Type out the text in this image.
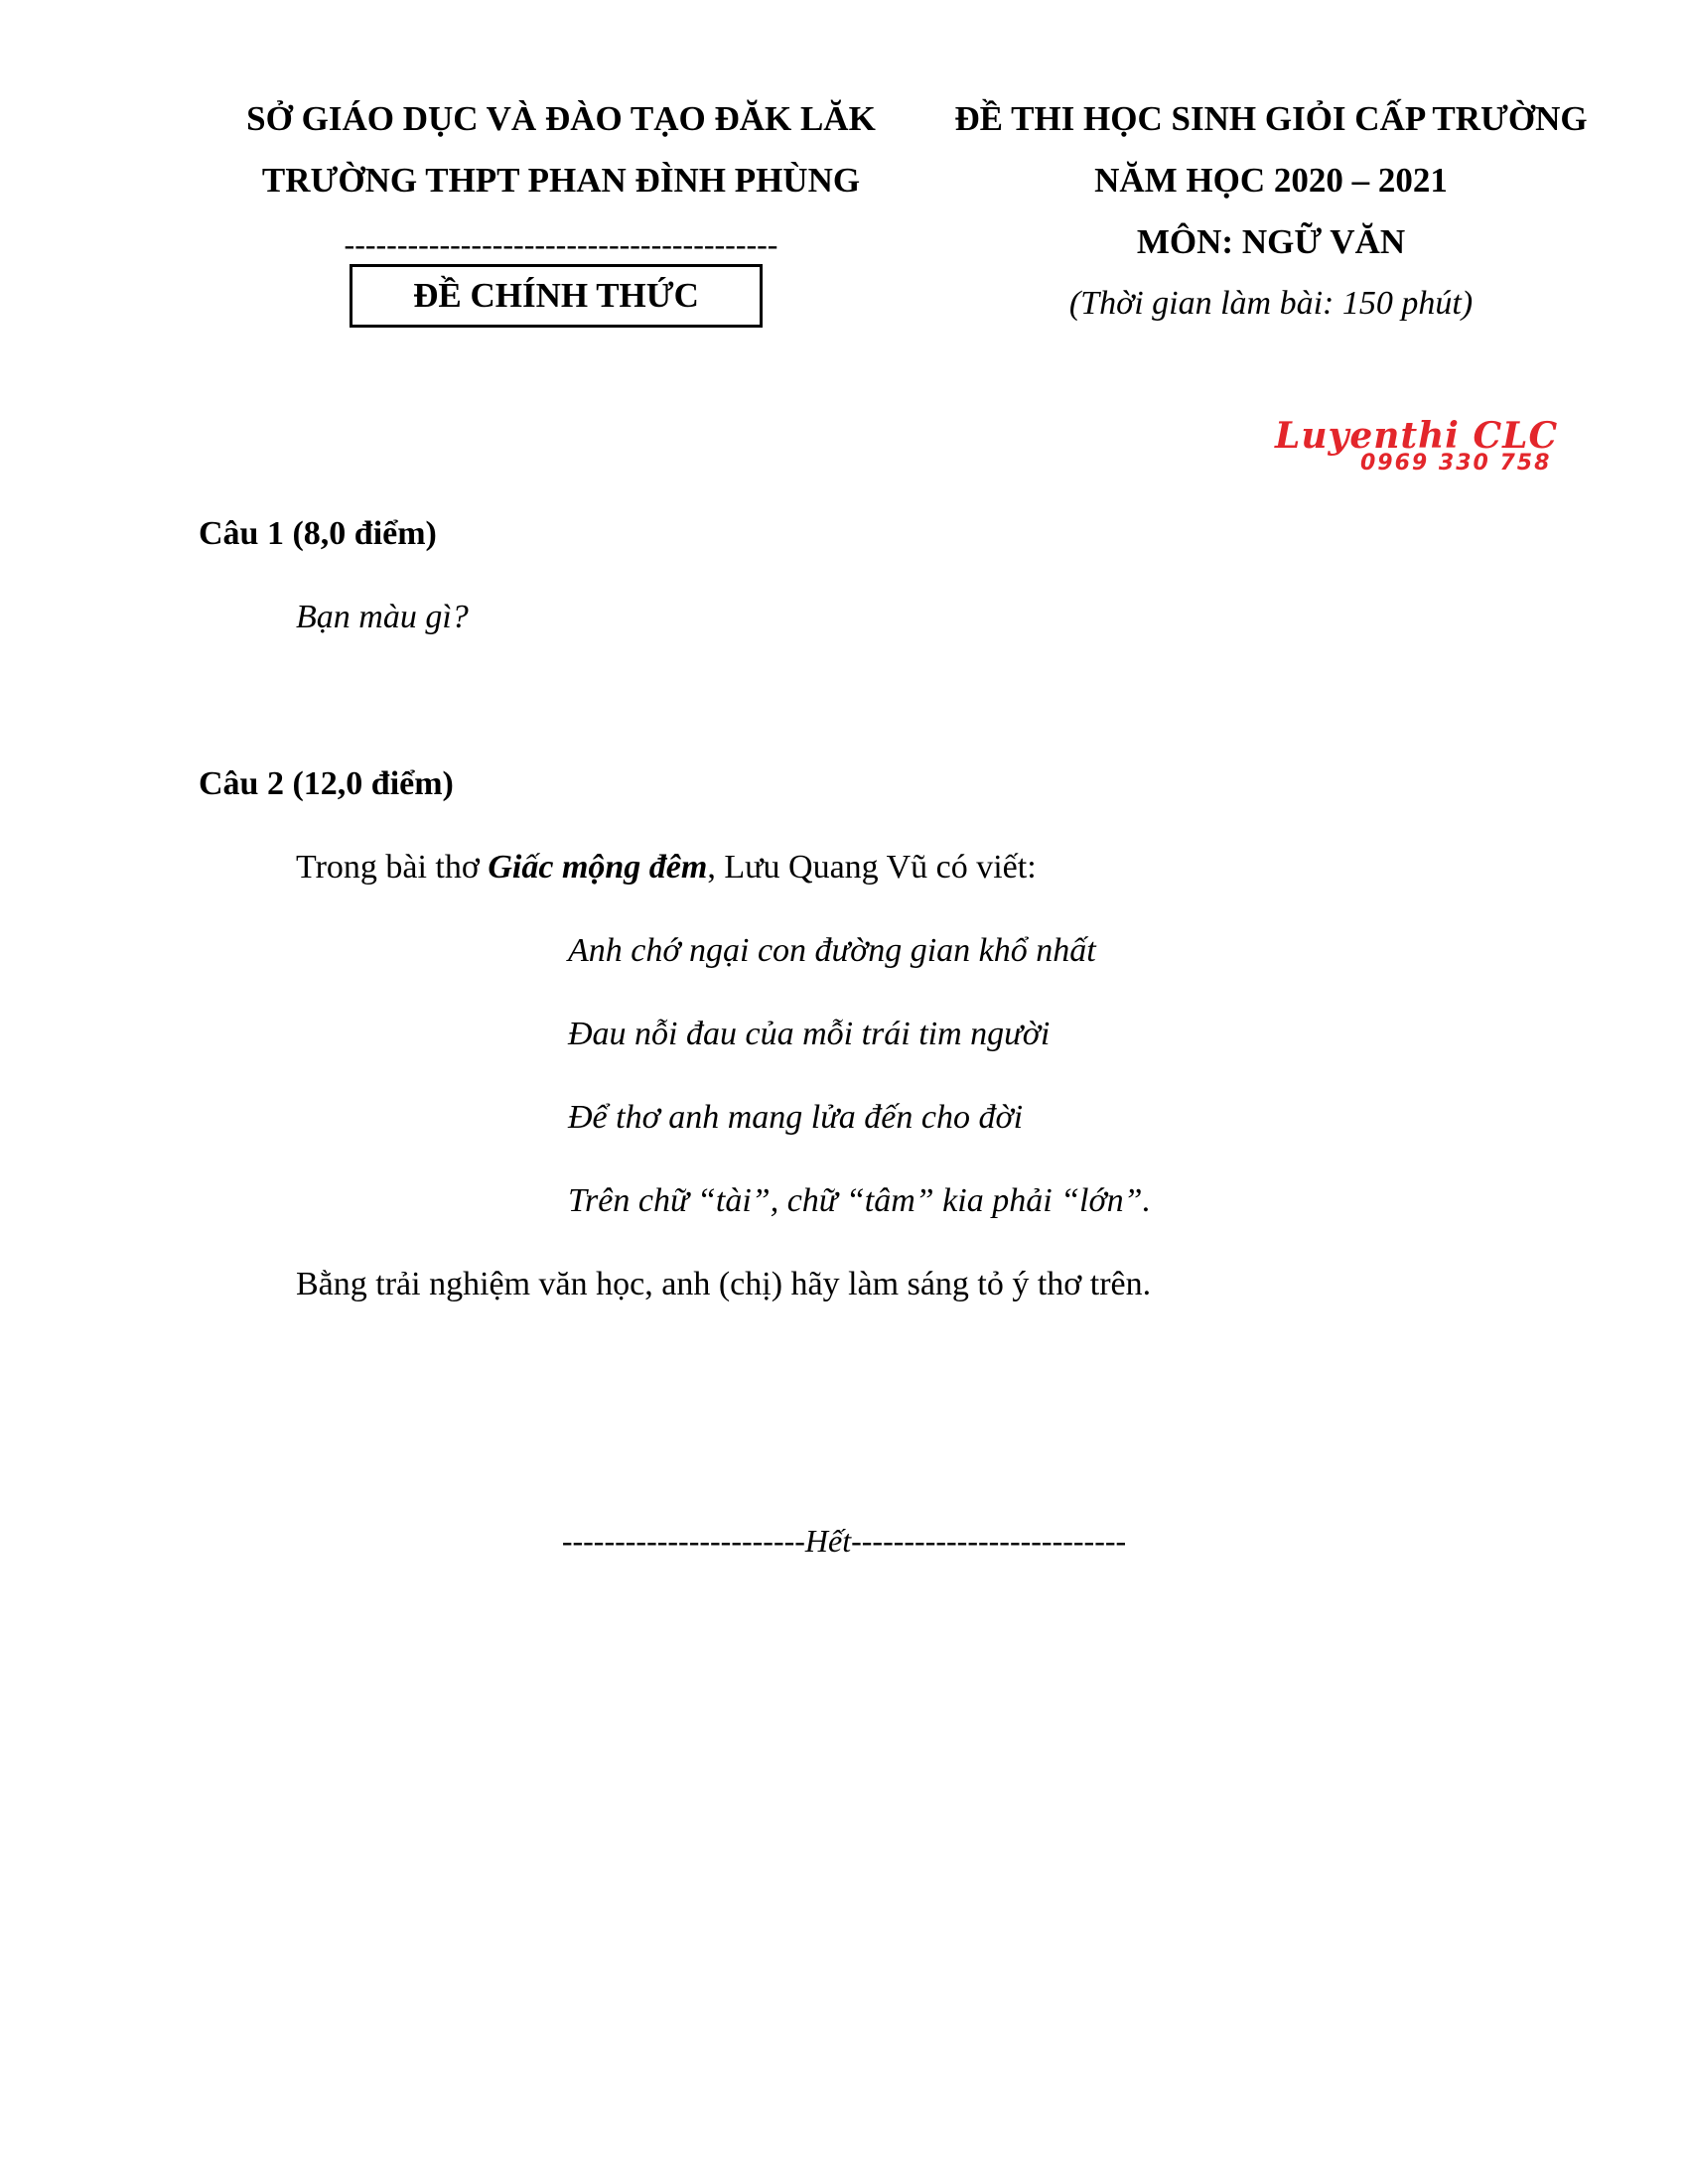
SỞ GIÁO DỤC VÀ ĐÀO TẠO ĐĂK LĂK
TRƯỜNG THPT PHAN ĐÌNH PHÙNG
-----------------------------------------
ĐỀ CHÍNH THỨC
ĐỀ THI HỌC SINH GIỎI CẤP TRƯỜNG
NĂM HỌC 2020 – 2021
MÔN: NGỮ VĂN
(Thời gian làm bài: 150 phút)
Luyenthi CLC
0969 330 758
Câu 1 (8,0 điểm)
Bạn màu gì?
Câu 2 (12,0 điểm)
Trong bài thơ Giấc mộng đêm, Lưu Quang Vũ có viết:
Anh chớ ngại con đường gian khổ nhất
Đau nỗi đau của mỗi trái tim người
Để thơ anh mang lửa đến cho đời
Trên chữ “tài”, chữ “tâm” kia phải “lớn”.
Bằng trải nghiệm văn học, anh (chị) hãy làm sáng tỏ ý thơ trên.
-----------------------Hết--------------------------
